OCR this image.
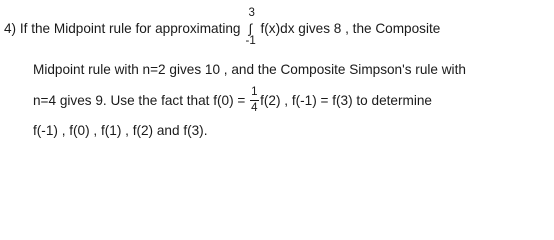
4) If the Midpoint rule for approximating
3
∫
-1
f(x)dx gives 8 , the Composite
Midpoint rule with n=2 gives 10 , and the Composite Simpson's rule with
n=4 gives 9. Use the fact that $f(0) = \frac{1}{4} f(2)$ , f(-1) = f(3) to determine
f(-1) , f(0) , f(1) , f(2) and f(3).
